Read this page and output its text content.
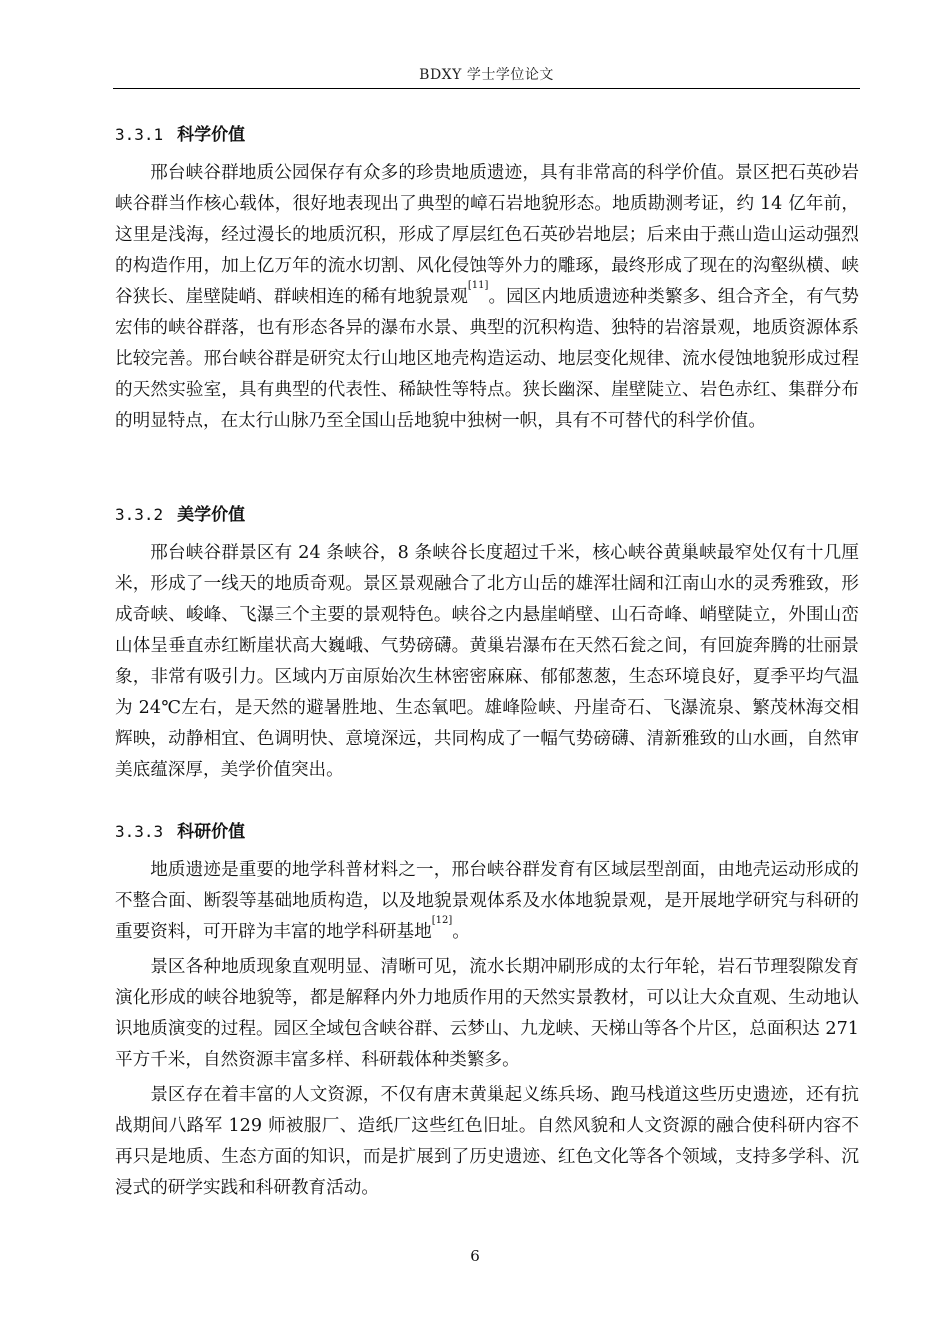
BDXY 学士学位论文
3.3.1 科学价值

邢台峡谷群地质公园保存有众多的珍贵地质遗迹，具有非常高的科学价值。景区把石英砂岩峡谷群当作核心载体，很好地表现出了典型的嶂石岩地貌形态。地质勘测考证，约 14 亿年前，这里是浅海，经过漫长的地质沉积，形成了厚层红色石英砂岩地层；后来由于燕山造山运动强烈的构造作用，加上亿万年的流水切割、风化侵蚀等外力的雕琢，最终形成了现在的沟壑纵横、峡谷狭长、崖壁陡峭、群峡相连的稀有地貌景观[11]。园区内地质遗迹种类繁多、组合齐全，有气势宏伟的峡谷群落，也有形态各异的瀑布水景、典型的沉积构造、独特的岩溶景观，地质资源体系比较完善。邢台峡谷群是研究太行山地区地壳构造运动、地层变化规律、流水侵蚀地貌形成过程的天然实验室，具有典型的代表性、稀缺性等特点。狭长幽深、崖壁陡立、岩色赤红、集群分布的明显特点，在太行山脉乃至全国山岳地貌中独树一帜，具有不可替代的科学价值。

3.3.2 美学价值

邢台峡谷群景区有 24 条峡谷，8 条峡谷长度超过千米，核心峡谷黄巢峡最窄处仅有十几厘米，形成了一线天的地质奇观。景区景观融合了北方山岳的雄浑壮阔和江南山水的灵秀雅致，形成奇峡、峻峰、飞瀑三个主要的景观特色。峡谷之内悬崖峭壁、山石奇峰、峭壁陡立，外围山峦山体呈垂直赤红断崖状高大巍峨、气势磅礴。黄巢岩瀑布在天然石瓮之间，有回旋奔腾的壮丽景象，非常有吸引力。区域内万亩原始次生林密密麻麻、郁郁葱葱，生态环境良好，夏季平均气温为 24℃左右，是天然的避暑胜地、生态氧吧。雄峰险峡、丹崖奇石、飞瀑流泉、繁茂林海交相辉映，动静相宜、色调明快、意境深远，共同构成了一幅气势磅礴、清新雅致的山水画，自然审美底蕴深厚，美学价值突出。

3.3.3 科研价值

地质遗迹是重要的地学科普材料之一，邢台峡谷群发育有区域层型剖面，由地壳运动形成的不整合面、断裂等基础地质构造，以及地貌景观体系及水体地貌景观，是开展地学研究与科研的重要资料，可开辟为丰富的地学科研基地[12]。

景区各种地质现象直观明显、清晰可见，流水长期冲刷形成的太行年轮，岩石节理裂隙发育演化形成的峡谷地貌等，都是解释内外力地质作用的天然实景教材，可以让大众直观、生动地认识地质演变的过程。园区全域包含峡谷群、云梦山、九龙峡、天梯山等各个片区，总面积达 271 平方千米，自然资源丰富多样、科研载体种类繁多。

景区存在着丰富的人文资源，不仅有唐末黄巢起义练兵场、跑马栈道这些历史遗迹，还有抗战期间八路军 129 师被服厂、造纸厂这些红色旧址。自然风貌和人文资源的融合使科研内容不再只是地质、生态方面的知识，而是扩展到了历史遗迹、红色文化等各个领域，支持多学科、沉浸式的研学实践和科研教育活动。

6
